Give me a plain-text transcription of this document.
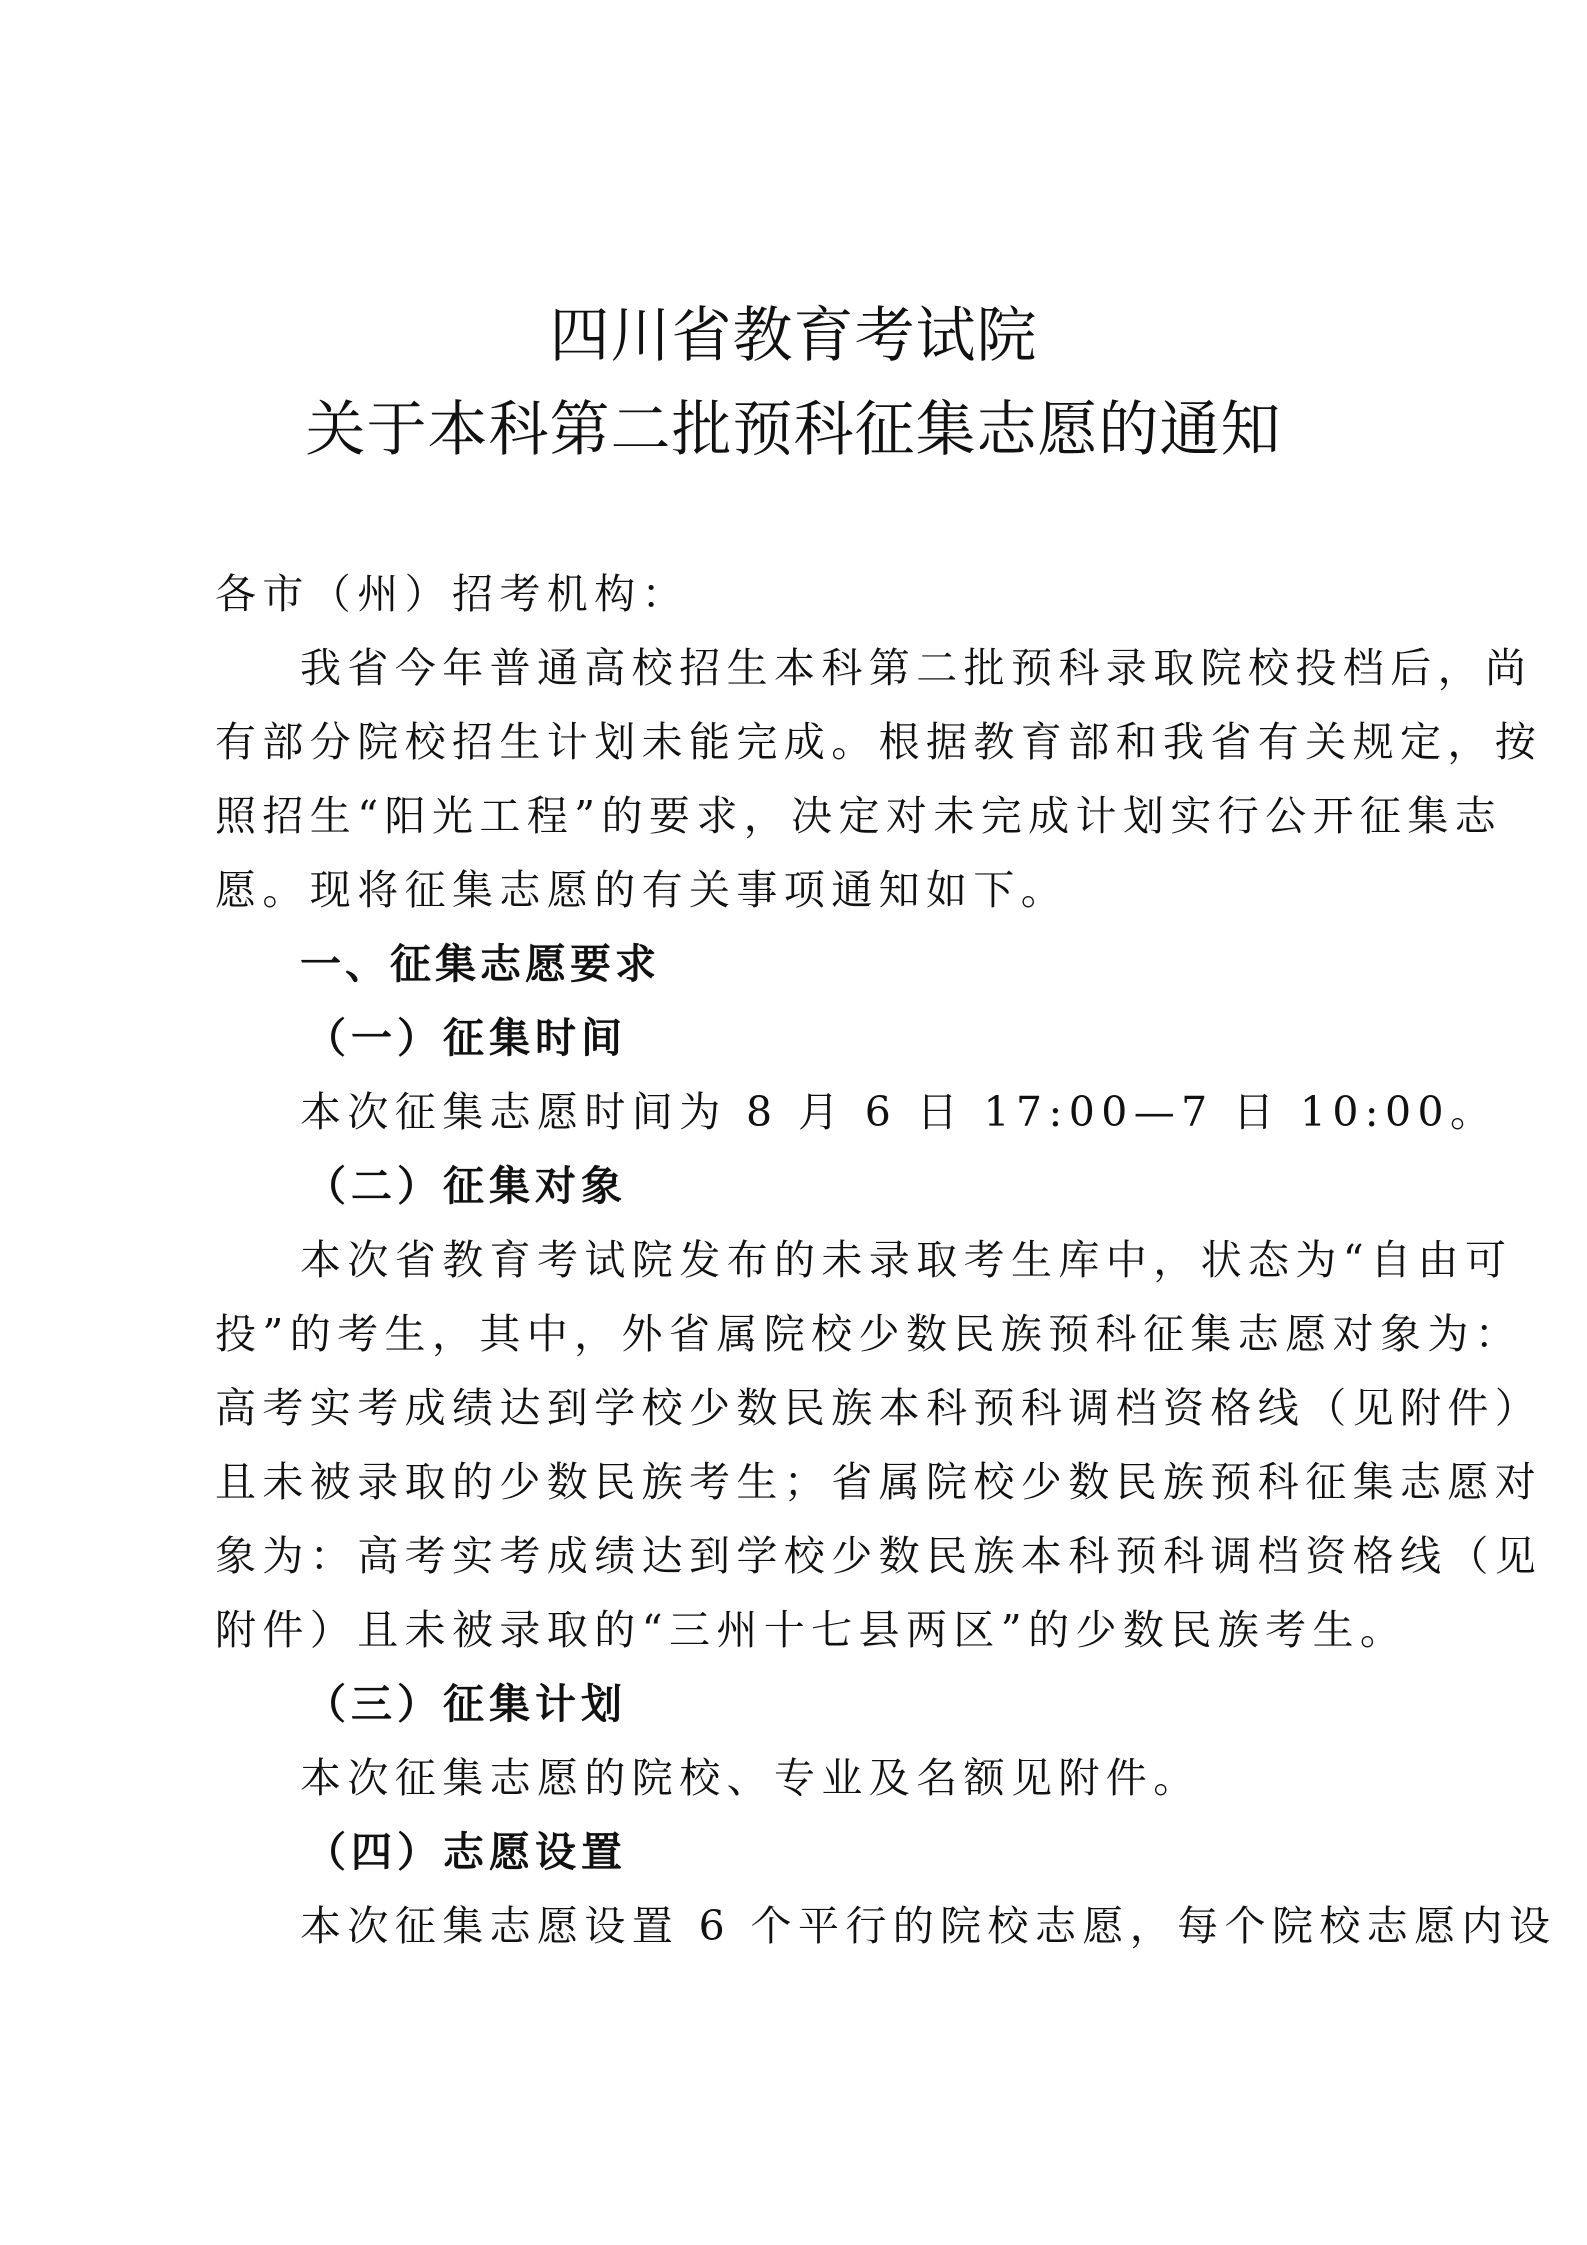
四川省教育考试院
关于本科第二批预科征集志愿的通知
各市（州）招考机构：
我省今年普通高校招生本科第二批预科录取院校投档后，尚
有部分院校招生计划未能完成。根据教育部和我省有关规定，按
照招生“阳光工程”的要求，决定对未完成计划实行公开征集志
愿。现将征集志愿的有关事项通知如下。
一、征集志愿要求
（一）征集时间
本次征集志愿时间为 8 月 6 日 17:00—7 日 10:00。
（二）征集对象
本次省教育考试院发布的未录取考生库中，状态为“自由可
投”的考生，其中，外省属院校少数民族预科征集志愿对象为：
高考实考成绩达到学校少数民族本科预科调档资格线（见附件）
且未被录取的少数民族考生；省属院校少数民族预科征集志愿对
象为：高考实考成绩达到学校少数民族本科预科调档资格线（见
附件）且未被录取的“三州十七县两区”的少数民族考生。
（三）征集计划
本次征集志愿的院校、专业及名额见附件。
（四）志愿设置
本次征集志愿设置 6 个平行的院校志愿，每个院校志愿内设
